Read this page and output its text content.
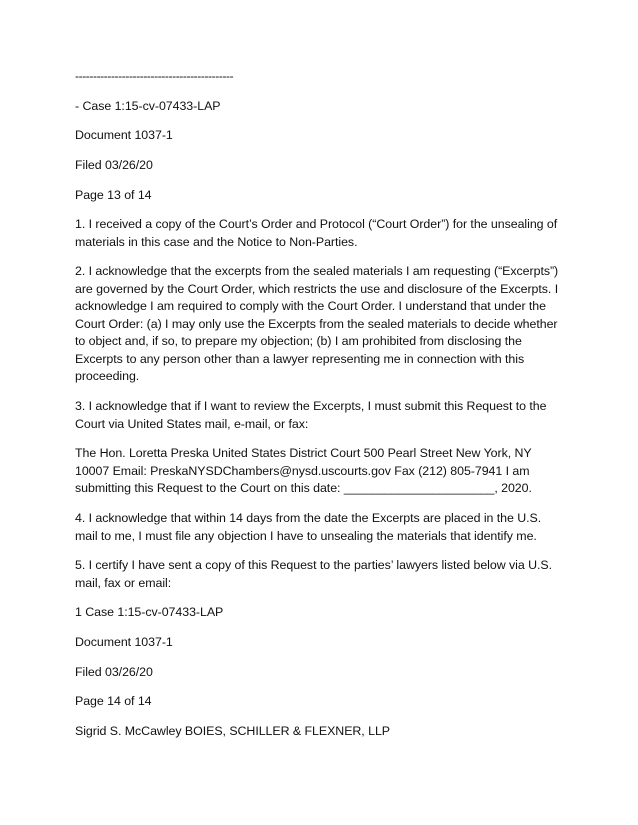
--------------------------------------------

- Case 1:15-cv-07433-LAP

Document 1037-1

Filed 03/26/20

Page 13 of 14

1. I received a copy of the Court’s Order and Protocol (“Court Order”) for the unsealing of materials in this case and the Notice to Non-Parties.

2. I acknowledge that the excerpts from the sealed materials I am requesting (“Excerpts”) are governed by the Court Order, which restricts the use and disclosure of the Excerpts. I acknowledge I am required to comply with the Court Order. I understand that under the Court Order: (a) I may only use the Excerpts from the sealed materials to decide whether to object and, if so, to prepare my objection; (b) I am prohibited from disclosing the Excerpts to any person other than a lawyer representing me in connection with this proceeding.

3. I acknowledge that if I want to review the Excerpts, I must submit this Request to the Court via United States mail, e-mail, or fax:

The Hon. Loretta Preska United States District Court 500 Pearl Street New York, NY 10007 Email: PreskaNYSDChambers@nysd.uscourts.gov Fax (212) 805-7941 I am submitting this Request to the Court on this date: ______________________, 2020.

4. I acknowledge that within 14 days from the date the Excerpts are placed in the U.S. mail to me, I must file any objection I have to unsealing the materials that identify me.

5. I certify I have sent a copy of this Request to the parties’ lawyers listed below via U.S. mail, fax or email:

1 Case 1:15-cv-07433-LAP

Document 1037-1

Filed 03/26/20

Page 14 of 14

Sigrid S. McCawley BOIES, SCHILLER & FLEXNER, LLP
